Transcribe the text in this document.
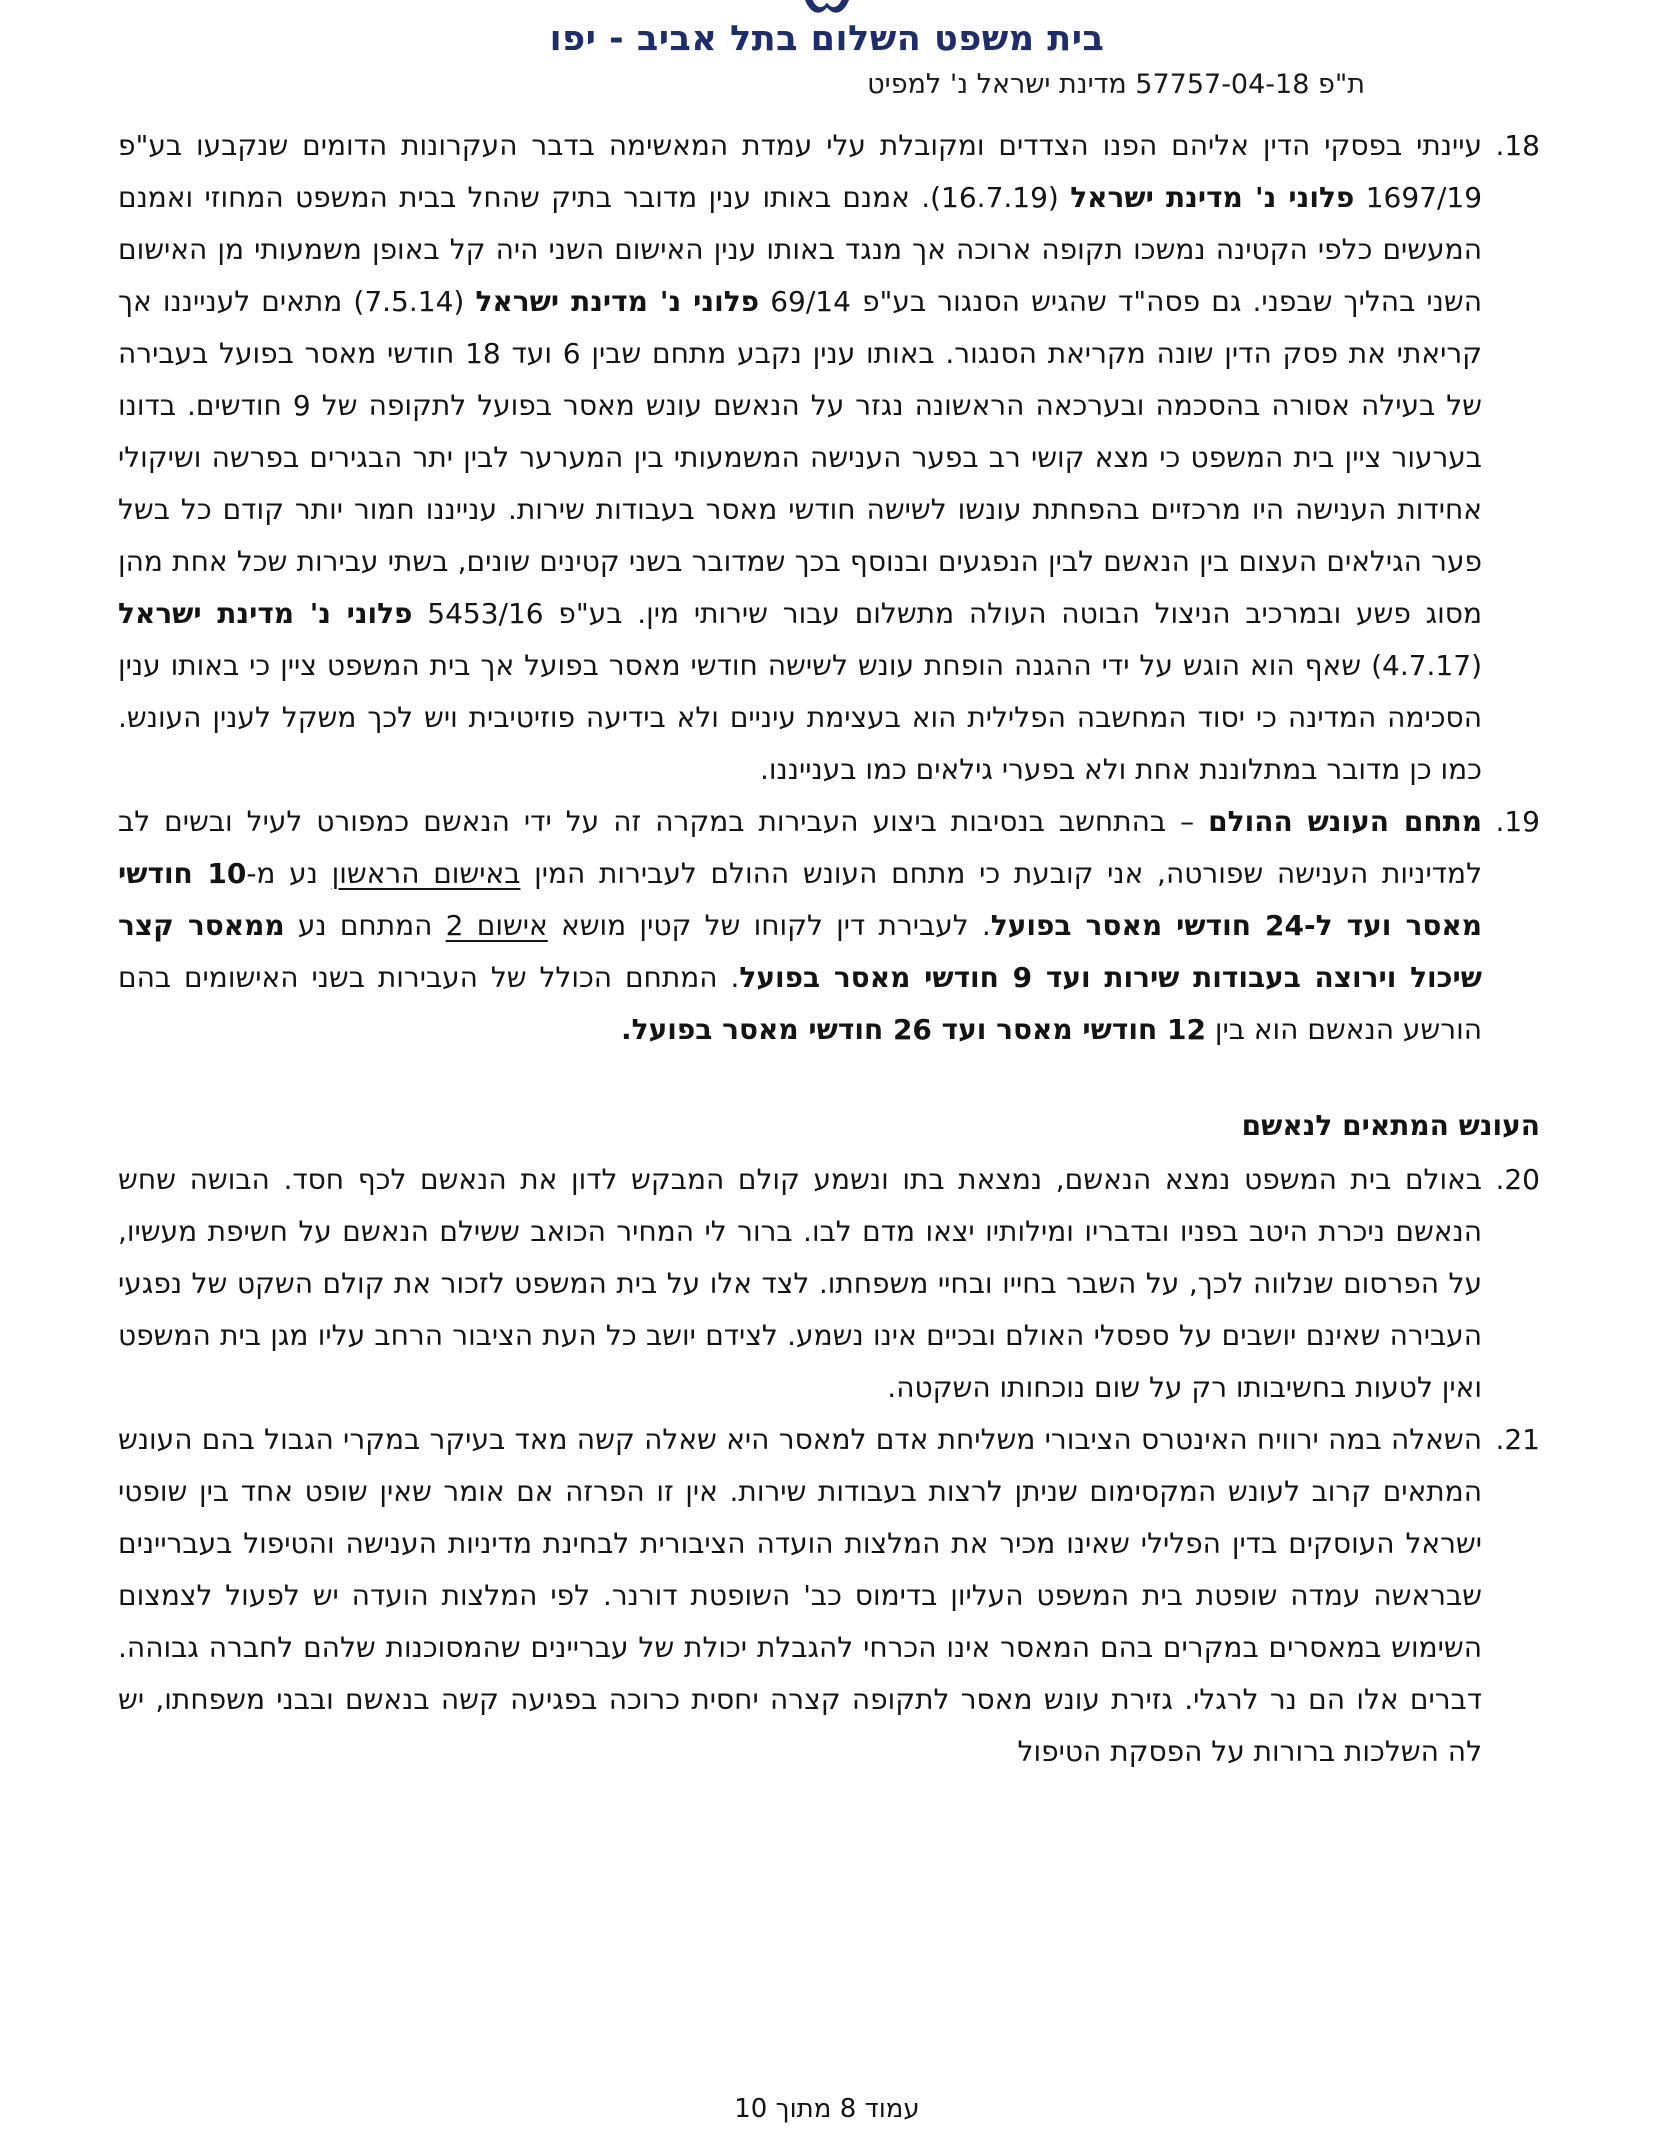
בית משפט השלום בתל אביב - יפו
ת"פ 57757-04-18 מדינת ישראל נ' למפיט
18.
עיינתי בפסקי הדין אליהם הפנו הצדדים ומקובלת עלי עמדת המאשימה בדבר העקרונות הדומים שנקבעו בע"פ 1697/19 פלוני נ' מדינת ישראל (16.7.19). אמנם באותו ענין מדובר בתיק שהחל בבית המשפט המחוזי ואמנם המעשים כלפי הקטינה נמשכו תקופה ארוכה אך מנגד באותו ענין האישום השני היה קל באופן משמעותי מן האישום השני בהליך שבפני. גם פסה"ד שהגיש הסנגור בע"פ 69/14 פלוני נ' מדינת ישראל (7.5.14) מתאים לענייננו אך קריאתי את פסק הדין שונה מקריאת הסנגור. באותו ענין נקבע מתחם שבין 6 ועד 18 חודשי מאסר בפועל בעבירה של בעילה אסורה בהסכמה ובערכאה הראשונה נגזר על הנאשם עונש מאסר בפועל לתקופה של 9 חודשים. בדונו בערעור ציין בית המשפט כי מצא קושי רב בפער הענישה המשמעותי בין המערער לבין יתר הבגירים בפרשה ושיקולי אחידות הענישה היו מרכזיים בהפחתת עונשו לשישה חודשי מאסר בעבודות שירות. ענייננו חמור יותר קודם כל בשל פער הגילאים העצום בין הנאשם לבין הנפגעים ובנוסף בכך שמדובר בשני קטינים שונים, בשתי עבירות שכל אחת מהן מסוג פשע ובמרכיב הניצול הבוטה העולה מתשלום עבור שירותי מין. בע"פ 5453/16 פלוני נ' מדינת ישראל (4.7.17) שאף הוא הוגש על ידי ההגנה הופחת עונש לשישה חודשי מאסר בפועל אך בית המשפט ציין כי באותו ענין הסכימה המדינה כי יסוד המחשבה הפלילית הוא בעצימת עיניים ולא בידיעה פוזיטיבית ויש לכך משקל לענין העונש. כמו כן מדובר במתלוננת אחת ולא בפערי גילאים כמו בענייננו.
19.
מתחם העונש ההולם – בהתחשב בנסיבות ביצוע העבירות במקרה זה על ידי הנאשם כמפורט לעיל ובשים לב למדיניות הענישה שפורטה, אני קובעת כי מתחם העונש ההולם לעבירות המין באישום הראשון נע מ-10 חודשי מאסר ועד ל-24 חודשי מאסר בפועל. לעבירת דין לקוחו של קטין מושא אישום 2 המתחם נע ממאסר קצר שיכול וירוצה בעבודות שירות ועד 9 חודשי מאסר בפועל. המתחם הכולל של העבירות בשני האישומים בהם הורשע הנאשם הוא בין 12 חודשי מאסר ועד 26 חודשי מאסר בפועל.
העונש המתאים לנאשם
20.
באולם בית המשפט נמצא הנאשם, נמצאת בתו ונשמע קולם המבקש לדון את הנאשם לכף חסד. הבושה שחש הנאשם ניכרת היטב בפניו ובדבריו ומילותיו יצאו מדם לבו. ברור לי המחיר הכואב ששילם הנאשם על חשיפת מעשיו, על הפרסום שנלווה לכך, על השבר בחייו ובחיי משפחתו. לצד אלו על בית המשפט לזכור את קולם השקט של נפגעי העבירה שאינם יושבים על ספסלי האולם ובכיים אינו נשמע. לצידם יושב כל העת הציבור הרחב עליו מגן בית המשפט ואין לטעות בחשיבותו רק על שום נוכחותו השקטה.
21.
השאלה במה ירוויח האינטרס הציבורי משליחת אדם למאסר היא שאלה קשה מאד בעיקר במקרי הגבול בהם העונש המתאים קרוב לעונש המקסימום שניתן לרצות בעבודות שירות. אין זו הפרזה אם אומר שאין שופט אחד בין שופטי ישראל העוסקים בדין הפלילי שאינו מכיר את המלצות הועדה הציבורית לבחינת מדיניות הענישה והטיפול בעבריינים שבראשה עמדה שופטת בית המשפט העליון בדימוס כב' השופטת דורנר. לפי המלצות הועדה יש לפעול לצמצום השימוש במאסרים במקרים בהם המאסר אינו הכרחי להגבלת יכולת של עבריינים שהמסוכנות שלהם לחברה גבוהה. דברים אלו הם נר לרגלי. גזירת עונש מאסר לתקופה קצרה יחסית כרוכה בפגיעה קשה בנאשם ובבני משפחתו, יש לה השלכות ברורות על הפסקת הטיפול
עמוד 8 מתוך 10
